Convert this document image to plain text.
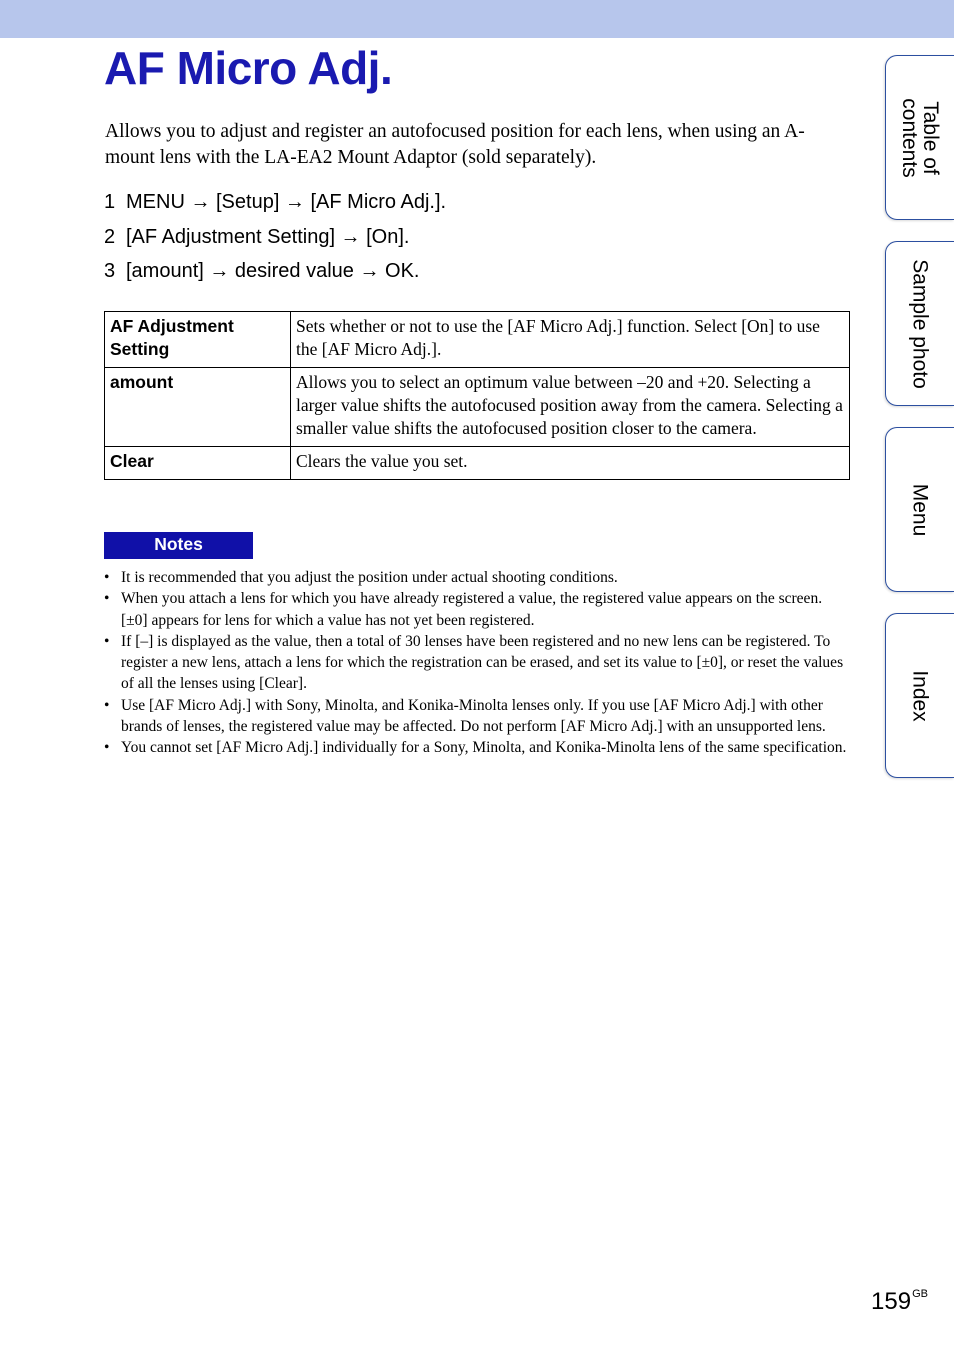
AF Micro Adj.

Allows you to adjust and register an autofocused position for each lens, when using an A-mount lens with the LA-EA2 Mount Adaptor (sold separately).

1 MENU → [Setup] → [AF Micro Adj.].
2 [AF Adjustment Setting] → [On].
3 [amount] → desired value → OK.
AF Adjustment Setting	Sets whether or not to use the [AF Micro Adj.] function. Select [On] to use the [AF Micro Adj.].
amount	Allows you to select an optimum value between –20 and +20. Selecting a larger value shifts the autofocused position away from the camera. Selecting a smaller value shifts the autofocused position closer to the camera.
Clear	Clears the value you set.
Notes
• It is recommended that you adjust the position under actual shooting conditions.
• When you attach a lens for which you have already registered a value, the registered value appears on the screen. [±0] appears for lens for which a value has not yet been registered.
• If [–] is displayed as the value, then a total of 30 lenses have been registered and no new lens can be registered. To register a new lens, attach a lens for which the registration can be erased, and set its value to [±0], or reset the values of all the lenses using [Clear].
• Use [AF Micro Adj.] with Sony, Minolta, and Konika-Minolta lenses only. If you use [AF Micro Adj.] with other brands of lenses, the registered value may be affected. Do not perform [AF Micro Adj.] with an unsupported lens.
• You cannot set [AF Micro Adj.] individually for a Sony, Minolta, and Konika-Minolta lens of the same specification.
Table of
contents
Sample photo
Menu
Index
$159^{GB}$
